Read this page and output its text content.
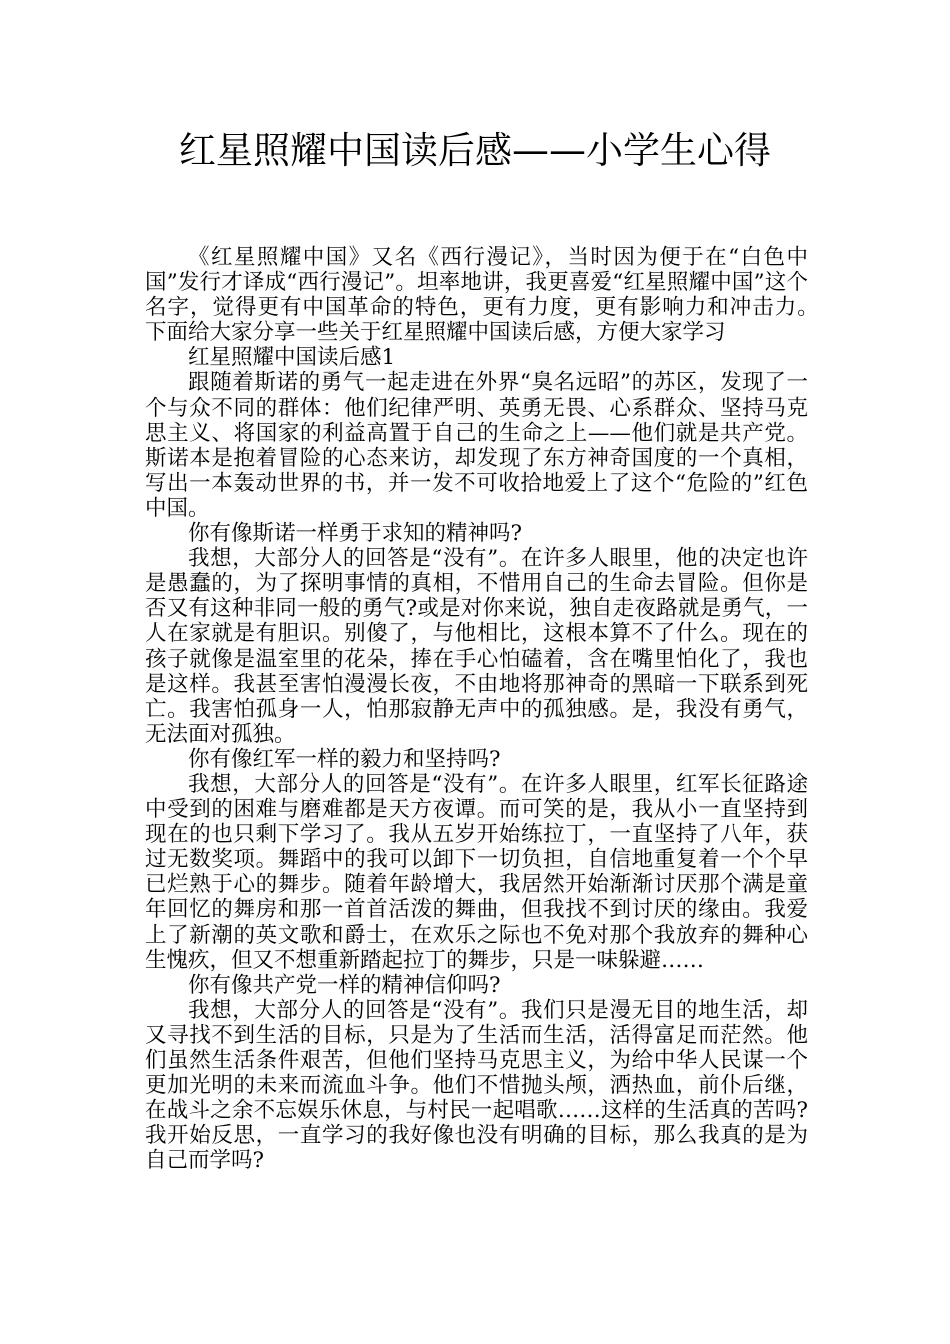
红星照耀中国读后感——小学生心得

《红星照耀中国》又名《西行漫记》，当时因为便于在“白色中国”发行才译成“西行漫记”。坦率地讲，我更喜爱“红星照耀中国”这个名字，觉得更有中国革命的特色，更有力度，更有影响力和冲击力。　下面给大家分享一些关于红星照耀中国读后感，方便大家学习

红星照耀中国读后感1

跟随着斯诺的勇气一起走进在外界“臭名远昭”的苏区，发现了一个与众不同的群体：他们纪律严明、英勇无畏、心系群众、坚持马克思主义、将国家的利益高置于自己的生命之上——他们就是共产党。斯诺本是抱着冒险的心态来访，却发现了东方神奇国度的一个真相，写出一本轰动世界的书，并一发不可收拾地爱上了这个“危险的”红色中国。

你有像斯诺一样勇于求知的精神吗?

我想，大部分人的回答是“没有”。在许多人眼里，他的决定也许是愚蠢的，为了探明事情的真相，不惜用自己的生命去冒险。但你是否又有这种非同一般的勇气?或是对你来说，独自走夜路就是勇气，一人在家就是有胆识。别傻了，与他相比，这根本算不了什么。现在的孩子就像是温室里的花朵，捧在手心怕磕着，含在嘴里怕化了，我也是这样。我甚至害怕漫漫长夜，不由地将那神奇的黑暗一下联系到死亡。我害怕孤身一人，怕那寂静无声中的孤独感。是，我没有勇气，无法面对孤独。

你有像红军一样的毅力和坚持吗?

我想，大部分人的回答是“没有”。在许多人眼里，红军长征路途中受到的困难与磨难都是天方夜谭。而可笑的是，我从小一直坚持到现在的也只剩下学习了。我从五岁开始练拉丁，一直坚持了八年，获过无数奖项。舞蹈中的我可以卸下一切负担，自信地重复着一个个早已烂熟于心的舞步。随着年龄增大，我居然开始渐渐讨厌那个满是童年回忆的舞房和那一首首活泼的舞曲，但我找不到讨厌的缘由。我爱上了新潮的英文歌和爵士，在欢乐之际也不免对那个我放弃的舞种心生愧疚，但又不想重新踏起拉丁的舞步，只是一味躲避……

你有像共产党一样的精神信仰吗?

我想，大部分人的回答是“没有”。我们只是漫无目的地生活，却又寻找不到生活的目标，只是为了生活而生活，活得富足而茫然。他们虽然生活条件艰苦，但他们坚持马克思主义，为给中华人民谋一个更加光明的未来而流血斗争。他们不惜抛头颅，洒热血，前仆后继，在战斗之余不忘娱乐休息，与村民一起唱歌……这样的生活真的苦吗?我开始反思，一直学习的我好像也没有明确的目标，那么我真的是为自己而学吗?
